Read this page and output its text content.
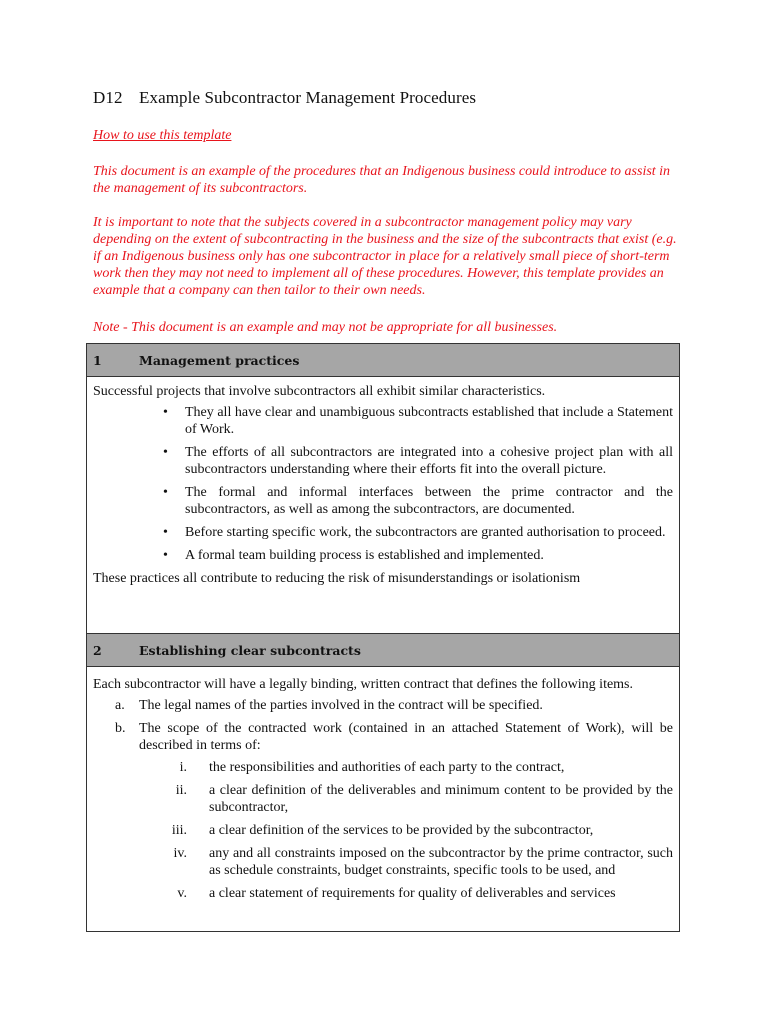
D12 Example Subcontractor Management Procedures
How to use this template
This document is an example of the procedures that an Indigenous business could introduce to assist in the management of its subcontractors.
It is important to note that the subjects covered in a subcontractor management policy may vary depending on the extent of subcontracting in the business and the size of the subcontracts that exist (e.g. if an Indigenous business only has one subcontractor in place for a relatively small piece of short-term work then they may not need to implement all of these procedures. However, this template provides an example that a company can then tailor to their own needs.
Note - This document is an example and may not be appropriate for all businesses.
1	Management practices

Successful projects that involve subcontractors all exhibit similar characteristics.

• They all have clear and unambiguous subcontracts established that include a Statement of Work.
• The efforts of all subcontractors are integrated into a cohesive project plan with all subcontractors understanding where their efforts fit into the overall picture.
• The formal and informal interfaces between the prime contractor and the subcontractors, as well as among the subcontractors, are documented.
• Before starting specific work, the subcontractors are granted authorisation to proceed.
• A formal team building process is established and implemented.
These practices all contribute to reducing the risk of misunderstandings or isolationism
2	Establishing clear subcontracts
Each subcontractor will have a legally binding, written contract that defines the following items.
a. The legal names of the parties involved in the contract will be specified.
b. The scope of the contracted work (contained in an attached Statement of Work), will be described in terms of:
i. the responsibilities and authorities of each party to the contract,
ii. a clear definition of the deliverables and minimum content to be provided by the subcontractor,
iii. a clear definition of the services to be provided by the subcontractor,
iv. any and all constraints imposed on the subcontractor by the prime contractor, such as schedule constraints, budget constraints, specific tools to be used, and
v. a clear statement of requirements for quality of deliverables and services
